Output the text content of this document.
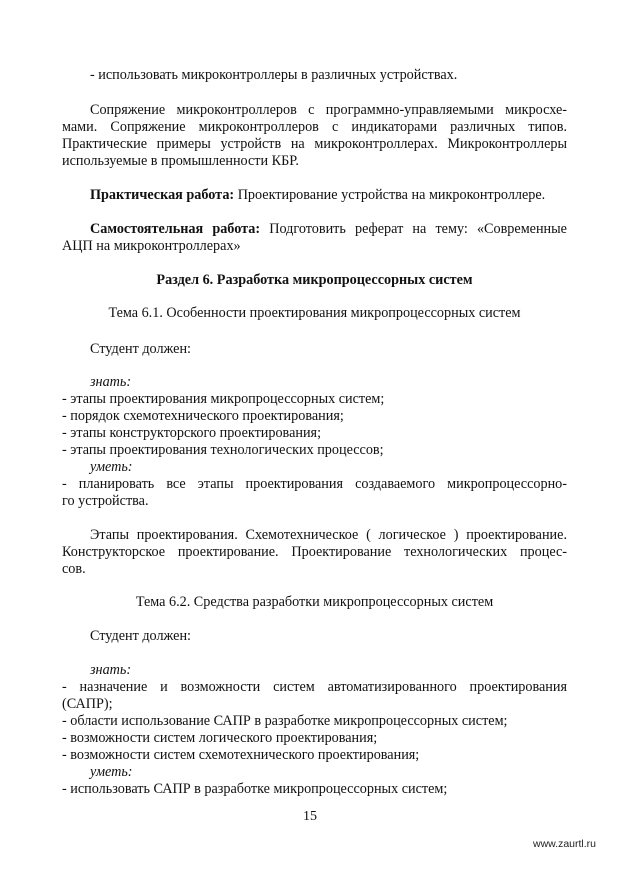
- использовать микроконтроллеры в различных устройствах.

Сопряжение микроконтроллеров с программно-управляемыми микросхе-
мами. Сопряжение микроконтроллеров с индикаторами различных типов.
Практические примеры устройств на микроконтроллерах. Микроконтроллеры
используемые в промышленности КБР.

Практическая работа: Проектирование устройства на микроконтроллере.

Самостоятельная работа: Подготовить реферат на тему: «Современные
АЦП на микроконтроллерах»

Раздел 6. Разработка микропроцессорных систем

Тема 6.1. Особенности проектирования микропроцессорных систем

Студент должен:

знать:
- этапы проектирования микропроцессорных систем;
- порядок схемотехнического проектирования;
- этапы конструкторского проектирования;
- этапы проектирования технологических процессов;
уметь:
- планировать все этапы проектирования создаваемого микропроцессорно-
го устройства.
Этапы проектирования. Схемотехническое ( логическое ) проектирование.
Конструкторское проектирование. Проектирование технологических процес-
сов.

Тема 6.2. Средства разработки микропроцессорных систем

Студент должен:

знать:
- назначение и возможности систем автоматизированного проектирования
(САПР);
- области использование САПР в разработке микропроцессорных систем;
- возможности систем логического проектирования;
- возможности систем схемотехнического проектирования;
уметь:
- использовать САПР в разработке микропроцессорных систем;
15
www.zaurtl.ru
